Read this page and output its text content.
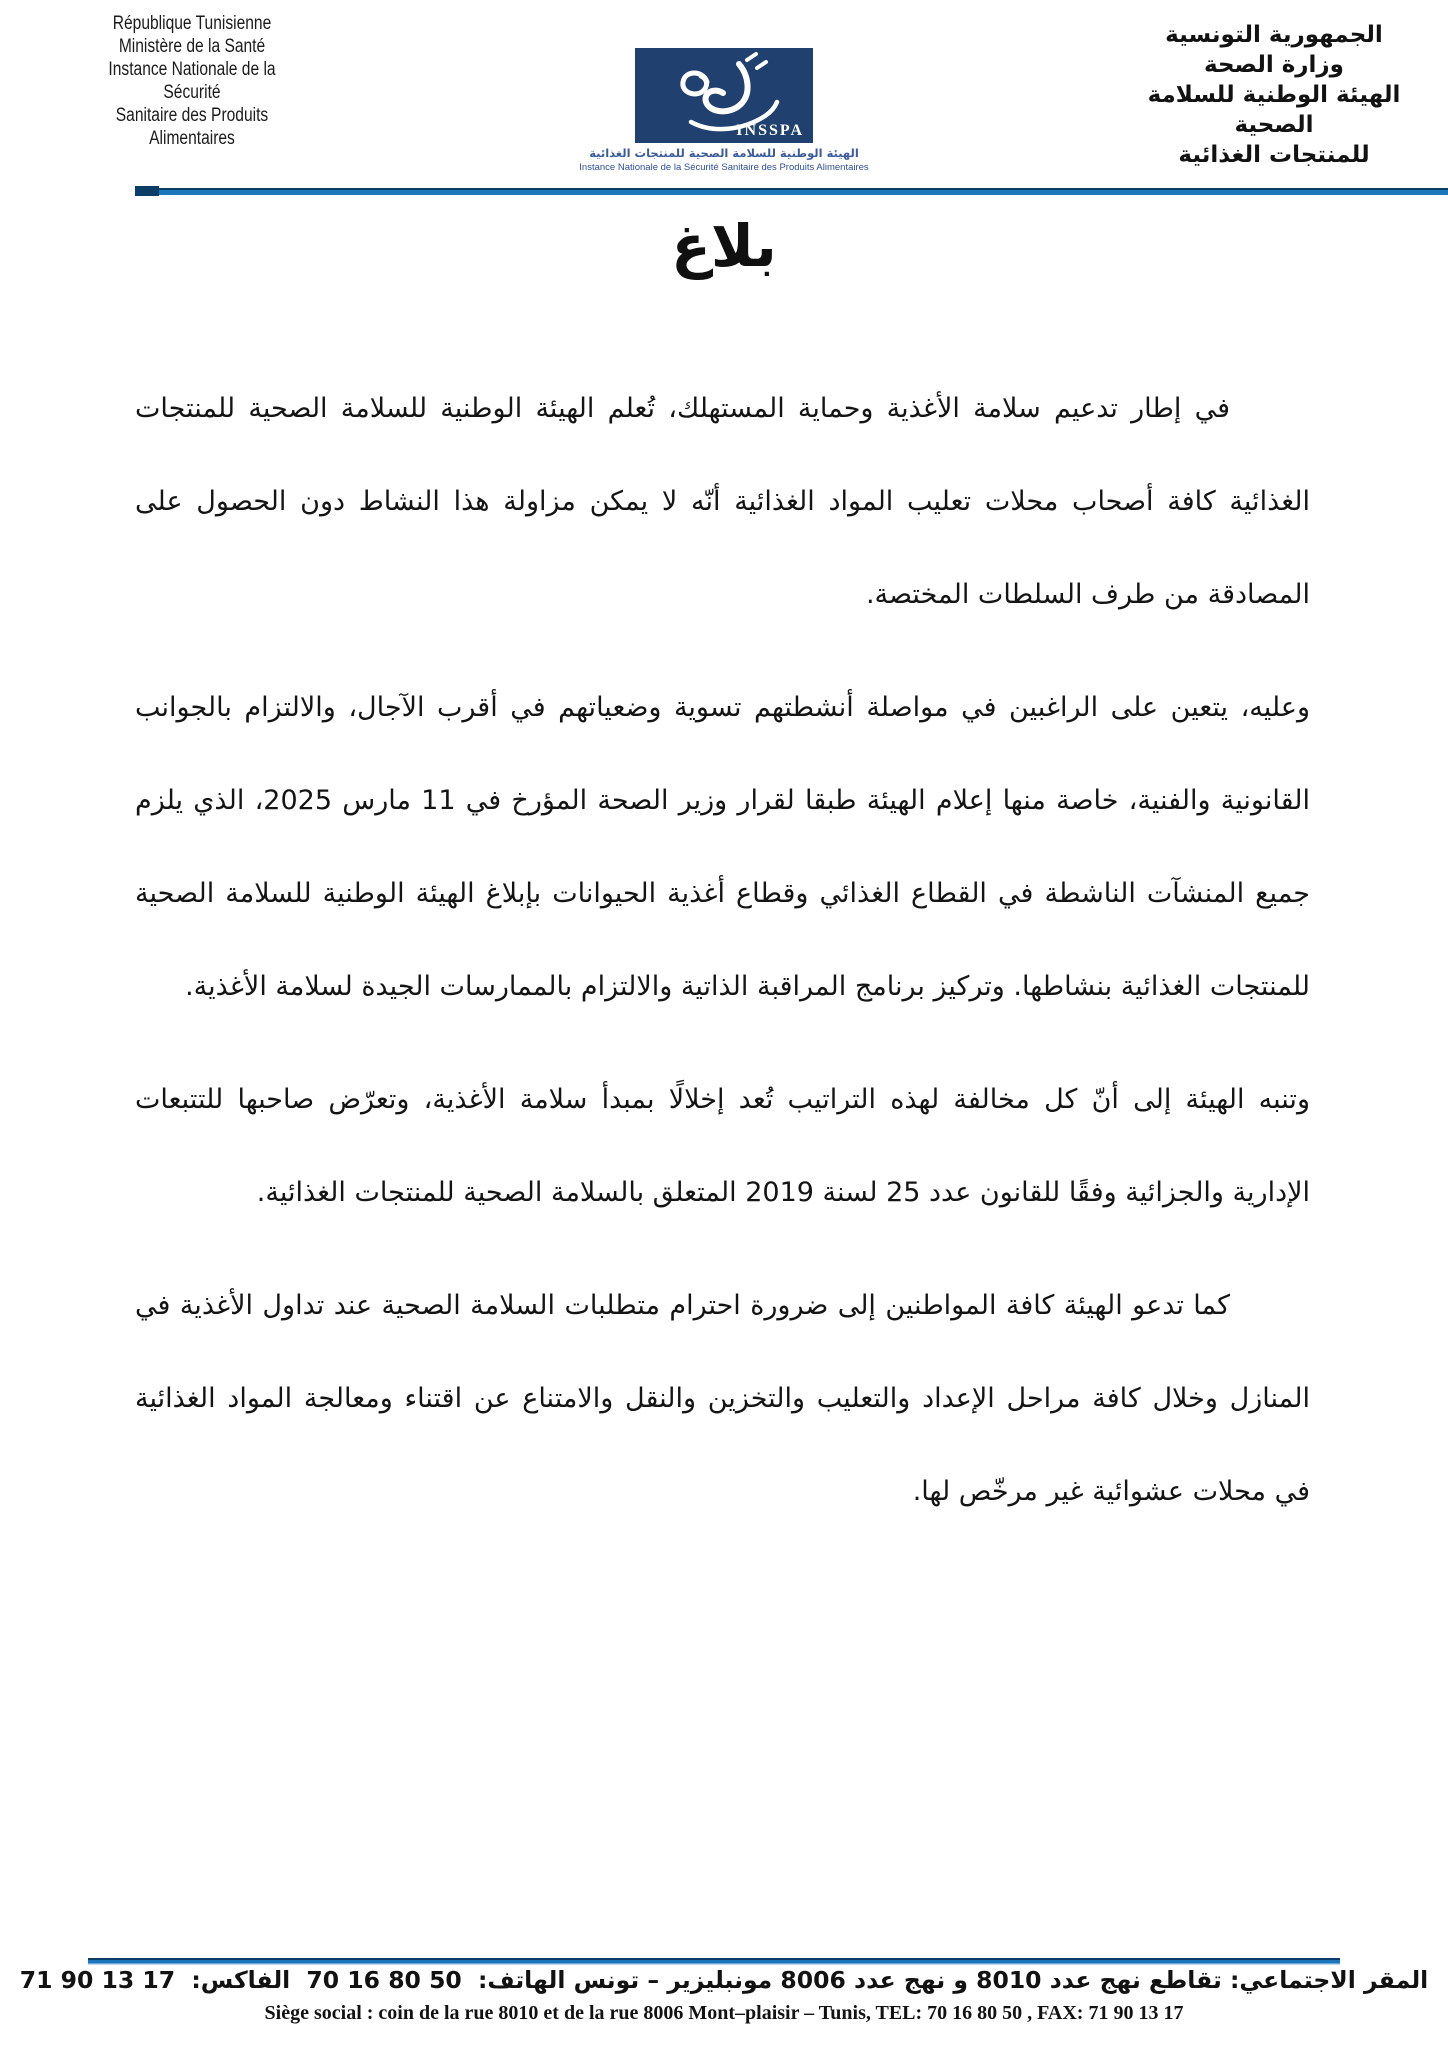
République Tunisienne
Ministère de la Santé
Instance Nationale de la Sécurité
Sanitaire des Produits Alimentaires	INSSPA
الهيئة الوطنية للسلامة الصحية للمنتجات الغذائية
Instance Nationale de la Sécurité Sanitaire des Produits Alimentaires
الجمهورية التونسية
وزارة الصحة
الهيئة الوطنية للسلامة الصحية
للمنتجات الغذائية
بلاغ

في إطار تدعيم سلامة الأغذية وحماية المستهلك، تُعلم الهيئة الوطنية للسلامة الصحية للمنتجات الغذائية كافة أصحاب محلات تعليب المواد الغذائية أنّه لا يمكن مزاولة هذا النشاط دون الحصول على المصادقة من طرف السلطات المختصة.

وعليه، يتعين على الراغبين في مواصلة أنشطتهم تسوية وضعياتهم في أقرب الآجال، والالتزام بالجوانب القانونية والفنية، خاصة منها إعلام الهيئة طبقا لقرار وزير الصحة المؤرخ في 11 مارس 2025، الذي يلزم جميع المنشآت الناشطة في القطاع الغذائي وقطاع أغذية الحيوانات بإبلاغ الهيئة الوطنية للسلامة الصحية للمنتجات الغذائية بنشاطها. وتركيز برنامج المراقبة الذاتية والالتزام بالممارسات الجيدة لسلامة الأغذية.

وتنبه الهيئة إلى أنّ كل مخالفة لهذه التراتيب تُعد إخلالًا بمبدأ سلامة الأغذية، وتعرّض صاحبها للتتبعات الإدارية والجزائية وفقًا للقانون عدد 25 لسنة 2019 المتعلق بالسلامة الصحية للمنتجات الغذائية.

كما تدعو الهيئة كافة المواطنين إلى ضرورة احترام متطلبات السلامة الصحية عند تداول الأغذية في المنازل وخلال كافة مراحل الإعداد والتعليب والتخزين والنقل والامتناع عن اقتناء ومعالجة المواد الغذائية في محلات عشوائية غير مرخّص لها.

المقر الاجتماعي: تقاطع نهج عدد 8010 و نهج عدد 8006 مونبليزير – تونس الهاتف: 70 16 80 50 الفاكس: 71 90 13 17
Siège social : coin de la rue 8010 et de la rue 8006 Mont–plaisir – Tunis, TEL: 70 16 80 50 , FAX: 71 90 13 17
